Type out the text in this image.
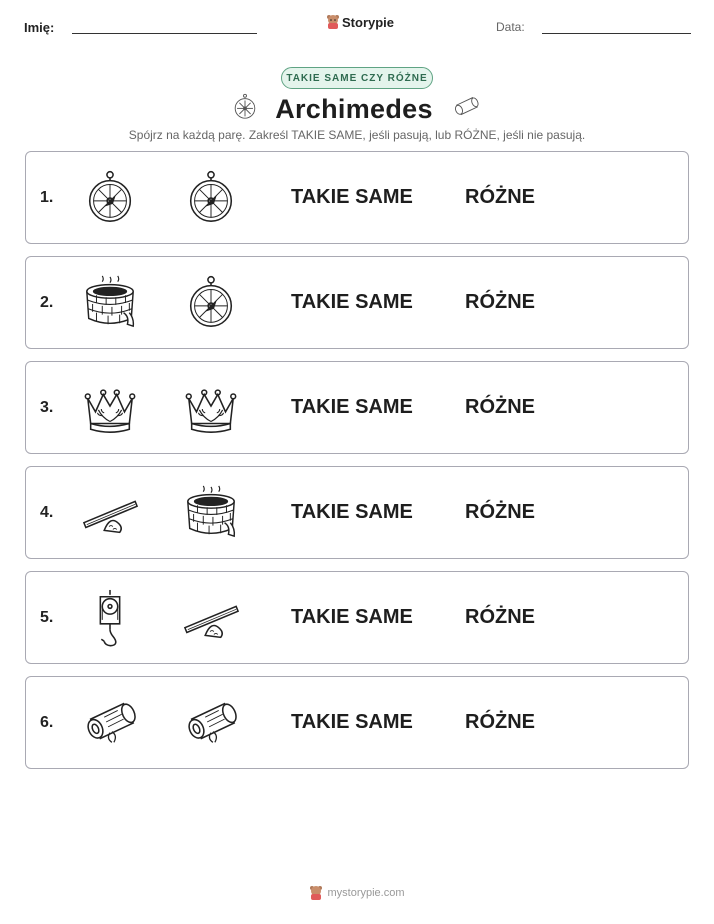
Imię:	Storypie	Data:
TAKIE SAME CZY RÓŻNE
Archimedes

Spójrz na każdą parę. Zakreśl TAKIE SAME, jeśli pasują, lub RÓŻNE, jeśli nie pasują.

1.	TAKIE SAME	RÓŻNE
2.	TAKIE SAME	RÓŻNE
3.	TAKIE SAME	RÓŻNE
4.	TAKIE SAME	RÓŻNE
5.	TAKIE SAME	RÓŻNE
6.	TAKIE SAME	RÓŻNE
mystorypie.com
